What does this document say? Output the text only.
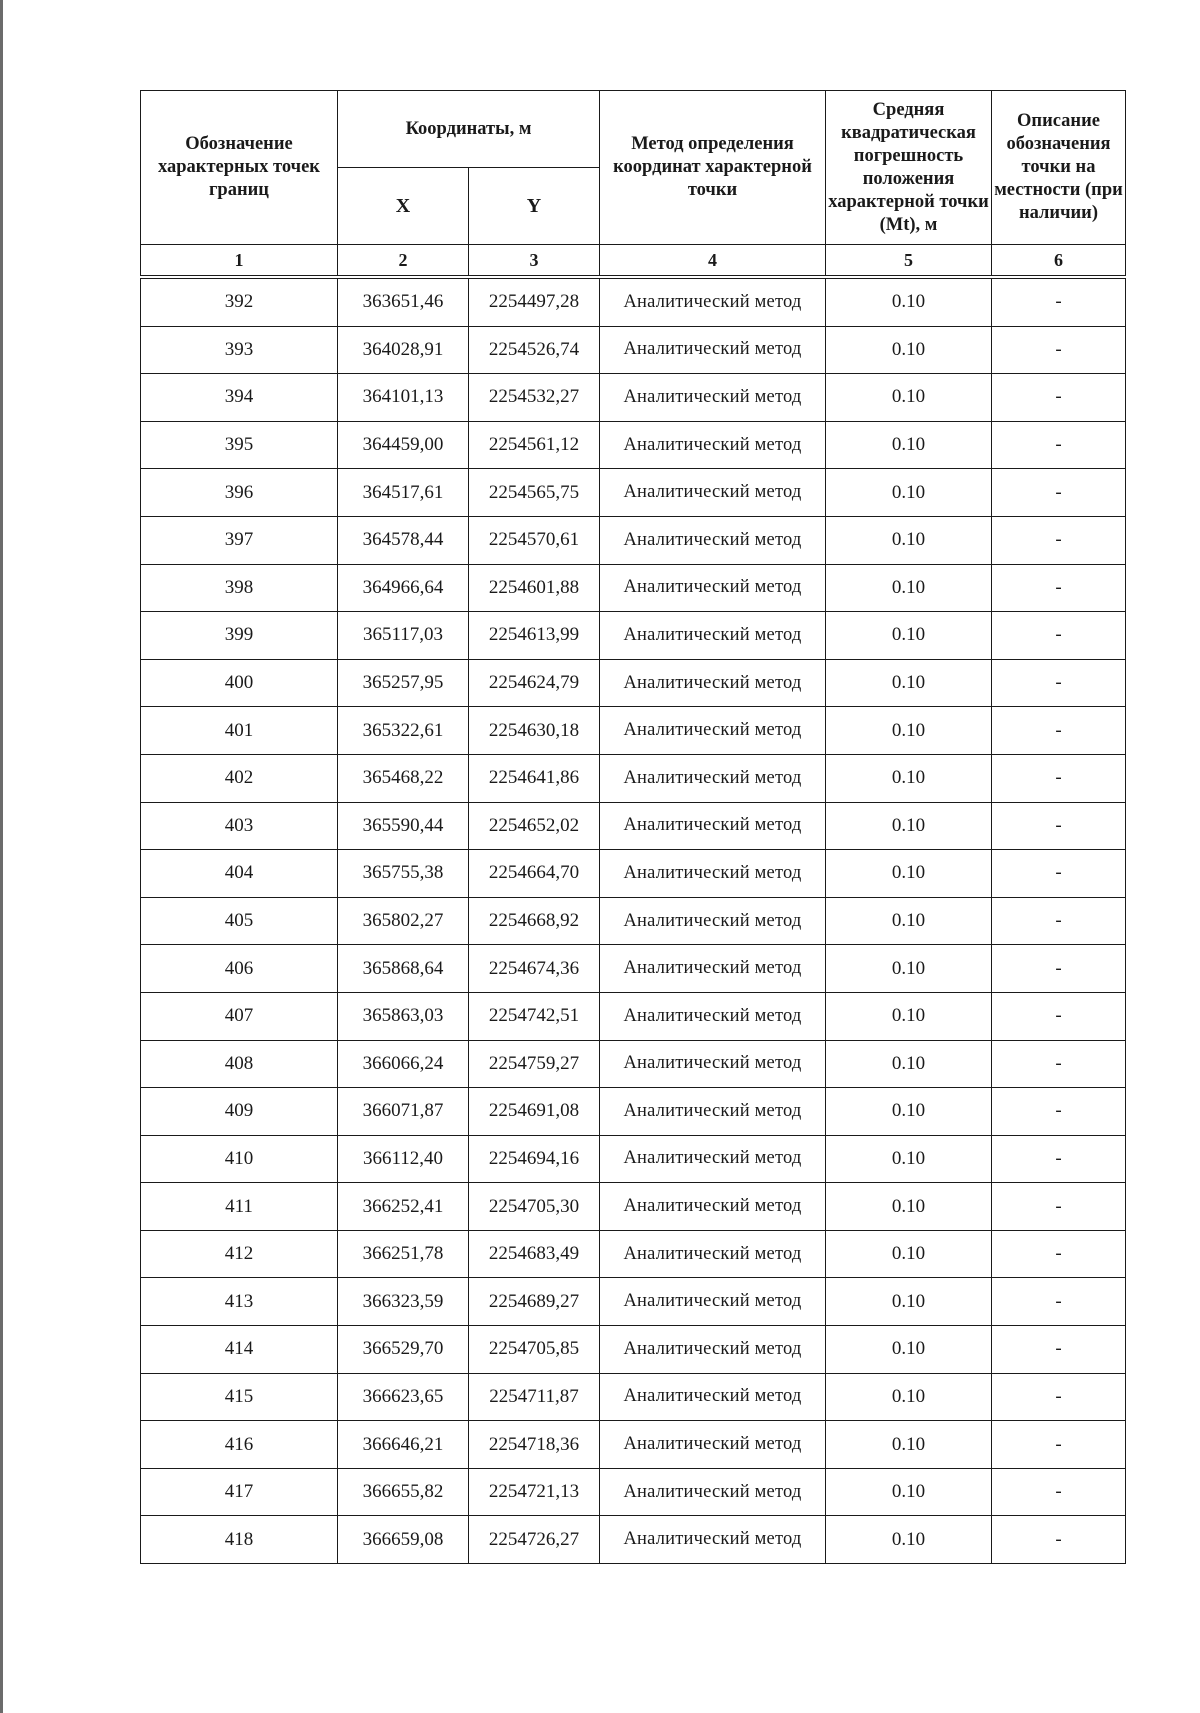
Обозначение характерных точек границ	Координаты, м		Метод определения координат характерной точки	Средняя квадратическая погрешность положения характерной точки (Mt), м	Описание обозначения точки на местности (при наличии)
	X	Y			
1	2	3	4	5	6

392	363651,46	2254497,28	Аналитический метод	0.10	-
393	364028,91	2254526,74	Аналитический метод	0.10	-
394	364101,13	2254532,27	Аналитический метод	0.10	-
395	364459,00	2254561,12	Аналитический метод	0.10	-
396	364517,61	2254565,75	Аналитический метод	0.10	-
397	364578,44	2254570,61	Аналитический метод	0.10	-
398	364966,64	2254601,88	Аналитический метод	0.10	-
399	365117,03	2254613,99	Аналитический метод	0.10	-
400	365257,95	2254624,79	Аналитический метод	0.10	-
401	365322,61	2254630,18	Аналитический метод	0.10	-
402	365468,22	2254641,86	Аналитический метод	0.10	-
403	365590,44	2254652,02	Аналитический метод	0.10	-
404	365755,38	2254664,70	Аналитический метод	0.10	-
405	365802,27	2254668,92	Аналитический метод	0.10	-
406	365868,64	2254674,36	Аналитический метод	0.10	-
407	365863,03	2254742,51	Аналитический метод	0.10	-
408	366066,24	2254759,27	Аналитический метод	0.10	-
409	366071,87	2254691,08	Аналитический метод	0.10	-
410	366112,40	2254694,16	Аналитический метод	0.10	-
411	366252,41	2254705,30	Аналитический метод	0.10	-
412	366251,78	2254683,49	Аналитический метод	0.10	-
413	366323,59	2254689,27	Аналитический метод	0.10	-
414	366529,70	2254705,85	Аналитический метод	0.10	-
415	366623,65	2254711,87	Аналитический метод	0.10	-
416	366646,21	2254718,36	Аналитический метод	0.10	-
417	366655,82	2254721,13	Аналитический метод	0.10	-
418	366659,08	2254726,27	Аналитический метод	0.10	-
